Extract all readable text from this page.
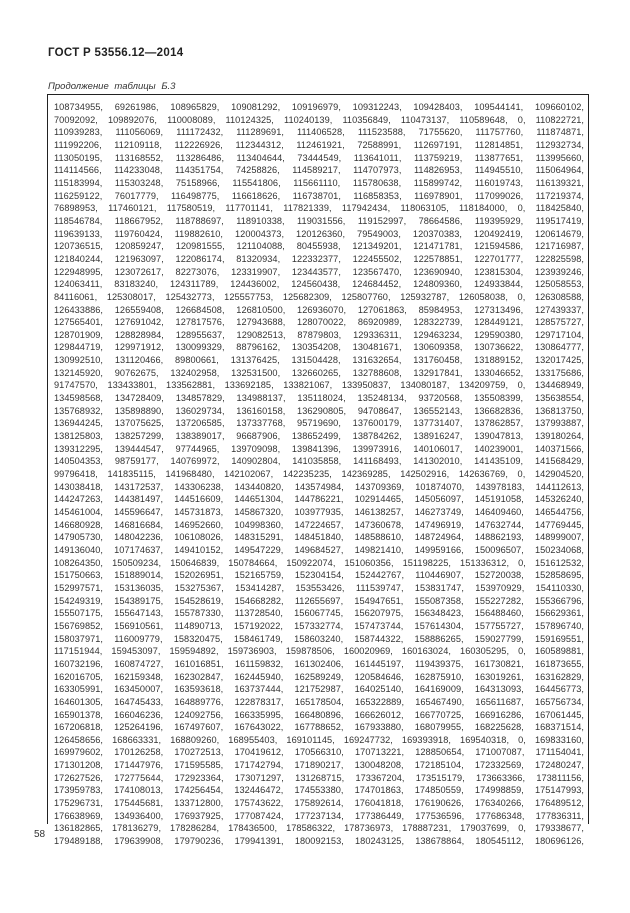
ГОСТ Р 53556.12—2014
Продолжение таблицы Б.3
108734955, 69261986, 108965829, 109081292, 109196979, 109312243, 109428403, 109544141, 109660102,
70092092, 109892076, 110008089, 110124325, 110240139, 110356849, 110473137, 110589648, 0, 110822721,
110939283, 111056069, 111172432, 111289691, 111406528, 111523588, 71755620, 111757760, 111874871,
111992206, 112109118, 112226926, 112344312, 112461921, 72588991, 112697191, 112814851, 112932734,
113050195, 113168552, 113286486, 113404644, 73444549, 113641011, 113759219, 113877651, 113995660,
114114566, 114233048, 114351754, 74258826, 114589217, 114707973, 114826953, 114945510, 115064964,
115183994, 115303248, 75158966, 115541806, 115661110, 115780638, 115899742, 116019743, 116139321,
116259122, 76017779, 116498775, 116618626, 116738701, 116858353, 116978901, 117099026, 117219374,
76898953, 117460121, 117580519, 117701141, 117821339, 117942434, 118063105, 118184000, 0, 118425840,
118546784, 118667952, 118788697, 118910338, 119031556, 119152997, 78664586, 119395929, 119517419,
119639133, 119760424, 119882610, 120004373, 120126360, 79549003, 120370383, 120492419, 120614679,
120736515, 120859247, 120981555, 121104088, 80455938, 121349201, 121471781, 121594586, 121716987,
121840244, 121963097, 122086174, 81320934, 122332377, 122455502, 122578851, 122701777, 122825598,
122948995, 123072617, 82273076, 123319907, 123443577, 123567470, 123690940, 123815304, 123939246,
124063411, 83183240, 124311789, 124436002, 124560438, 124684452, 124809360, 124933844, 125058553,
84116061, 125308017, 125432773, 125557753, 125682309, 125807760, 125932787, 126058038, 0, 126308588,
126433886, 126559408, 126684508, 126810500, 126936070, 127061863, 85984953, 127313496, 127439337,
127565401, 127691042, 127817576, 127943688, 128070022, 86920989, 128322739, 128449121, 128575727,
128701909, 128828984, 128955637, 129082513, 87879803, 129336311, 129463234, 129590380, 129717104,
129844719, 129971912, 130099329, 88796162, 130354208, 130481671, 130609358, 130736622, 130864777,
130992510, 131120466, 89800661, 131376425, 131504428, 131632654, 131760458, 131889152, 132017425,
132145920, 90762675, 132402958, 132531500, 132660265, 132788608, 132917841, 133046652, 133175686,
91747570, 133433801, 133562881, 133692185, 133821067, 133950837, 134080187, 134209759, 0, 134468949,
134598568, 134728409, 134857829, 134988137, 135118024, 135248134, 93720568, 135508399, 135638554,
135768932, 135898890, 136029734, 136160158, 136290805, 94708647, 136552143, 136682836, 136813750,
136944245, 137075625, 137206585, 137337768, 95719690, 137600179, 137731407, 137862857, 137993887,
138125803, 138257299, 138389017, 96687906, 138652499, 138784262, 138916247, 139047813, 139180264,
139312295, 139444547, 97744965, 139709098, 139841396, 139973916, 140106017, 140239001, 140371566,
140504353, 98759177, 140769972, 140902804, 141035858, 141168493, 141302010, 141435109, 141568429,
99796418, 141835115, 141968480, 142102067, 142235235, 142369285, 142502916, 142636769, 0, 142904520,
143038418, 143172537, 143306238, 143440820, 143574984, 143709369, 101874070, 143978183, 144112613,
144247263, 144381497, 144516609, 144651304, 144786221, 102914465, 145056097, 145191058, 145326240,
145461004, 145596647, 145731873, 145867320, 103977935, 146138257, 146273749, 146409460, 146544756,
146680928, 146816684, 146952660, 104998360, 147224657, 147360678, 147496919, 147632744, 147769445,
147905730, 148042236, 106108026, 148315291, 148451840, 148588610, 148724964, 148862193, 148999007,
149136040, 107174637, 149410152, 149547229, 149684527, 149821410, 149959166, 150096507, 150234068,
108264350, 150509234, 150646839, 150784664, 150922074, 151060356, 151198225, 151336312, 0, 151612532,
151750663, 151889014, 152026951, 152165759, 152304154, 152442767, 110446907, 152720038, 152858695,
152997571, 153136035, 153275367, 153414287, 153553426, 111539747, 153831747, 153970929, 154110330,
154249319, 154389175, 154528619, 154668282, 112655697, 154947651, 155087358, 155227282, 155366796,
155507175, 155647143, 155787330, 113728540, 156067745, 156207975, 156348423, 156488460, 156629361,
156769852, 156910561, 114890713, 157192022, 157332774, 157473744, 157614304, 157755727, 157896740,
158037971, 116009779, 158320475, 158461749, 158603240, 158744322, 158886265, 159027799, 159169551,
117151944, 159453097, 159594892, 159736903, 159878506, 160020969, 160163024, 160305295, 0, 160589881,
160732196, 160874727, 161016851, 161159832, 161302406, 161445197, 119439375, 161730821, 161873655,
162016705, 162159348, 162302847, 162445940, 162589249, 120584646, 162875910, 163019261, 163162829,
163305991, 163450007, 163593618, 163737444, 121752987, 164025140, 164169009, 164313093, 164456773,
164601305, 164745433, 164889776, 122878317, 165178504, 165322889, 165467490, 165611687, 165756734,
165901378, 166046236, 124092756, 166335995, 166480896, 166626012, 166770725, 166916286, 167061445,
167206818, 125264196, 167497607, 167643022, 167788652, 167933880, 168079955, 168225628, 168371514,
126458656, 168663331, 168809260, 168955403, 169101145, 169247732, 169393918, 169540318, 0, 169833160,
169979602, 170126258, 170272513, 170419612, 170566310, 170713221, 128850654, 171007087, 171154041,
171301208, 171447976, 171595585, 171742794, 171890217, 130048208, 172185104, 172332569, 172480247,
172627526, 172775644, 172923364, 173071297, 131268715, 173367204, 173515179, 173663366, 173811156,
173959783, 174108013, 174256454, 132446472, 174553380, 174701863, 174850559, 174998859, 175147993,
175296731, 175445681, 133712800, 175743622, 175892614, 176041818, 176190626, 176340266, 176489512,
176638969, 134936400, 176937925, 177087424, 177237134, 177386449, 177536596, 177686348, 177836311,
136182865, 178136279, 178286284, 178436500, 178586322, 178736973, 178887231, 179037699, 0, 179338677,
179489188, 179639908, 179790236, 179941391, 180092153, 180243125, 138678864, 180545112, 180696126,
58
